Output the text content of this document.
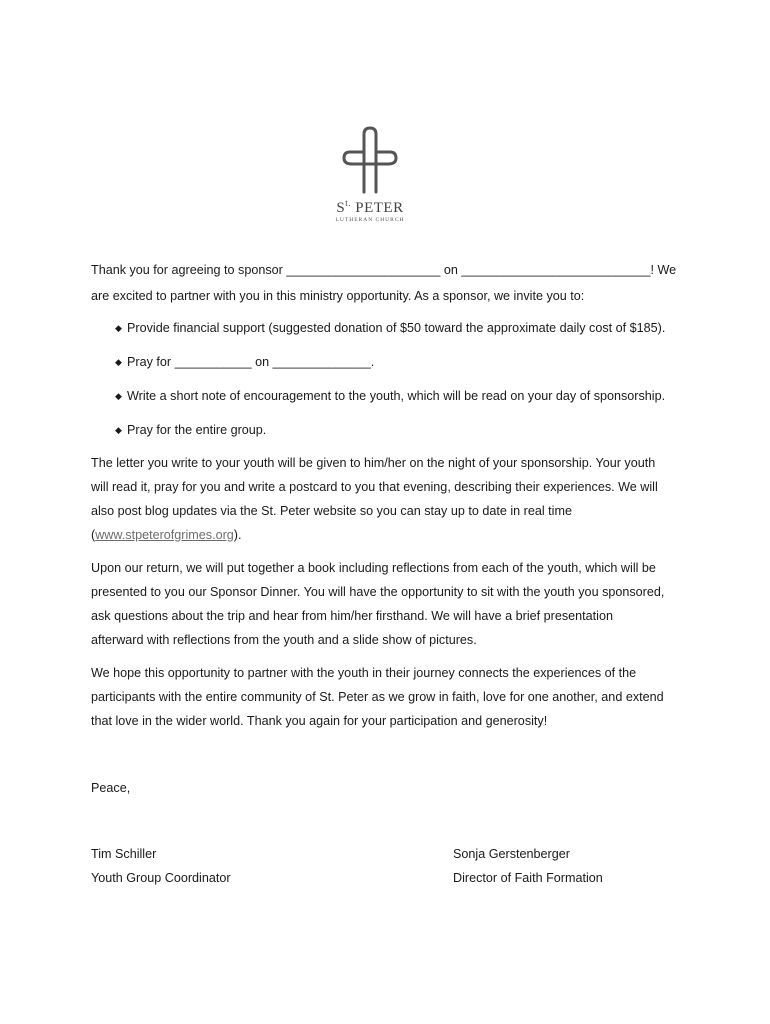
$S^{t.}$ PETER
LUTHERAN CHURCH
Thank you for agreeing to sponsor ______________________ on ___________________________! We
are excited to partner with you in this ministry opportunity. As a sponsor, we invite you to:
◆ Provide financial support (suggested donation of $50 toward the approximate daily cost of $185).
◆ Pray for ___________ on ______________.
◆ Write a short note of encouragement to the youth, which will be read on your day of sponsorship.
◆ Pray for the entire group.
The letter you write to your youth will be given to him/her on the night of your sponsorship. Your youth
will read it, pray for you and write a postcard to you that evening, describing their experiences. We will
also post blog updates via the St. Peter website so you can stay up to date in real time
(www.stpeterofgrimes.org).
Upon our return, we will put together a book including reflections from each of the youth, which will be
presented to you our Sponsor Dinner. You will have the opportunity to sit with the youth you sponsored,
ask questions about the trip and hear from him/her firsthand. We will have a brief presentation
afterward with reflections from the youth and a slide show of pictures.
We hope this opportunity to partner with the youth in their journey connects the experiences of the
participants with the entire community of St. Peter as we grow in faith, love for one another, and extend
that love in the wider world. Thank you again for your participation and generosity!
Peace,
Tim Schiller
Youth Group Coordinator
Sonja Gerstenberger
Director of Faith Formation
